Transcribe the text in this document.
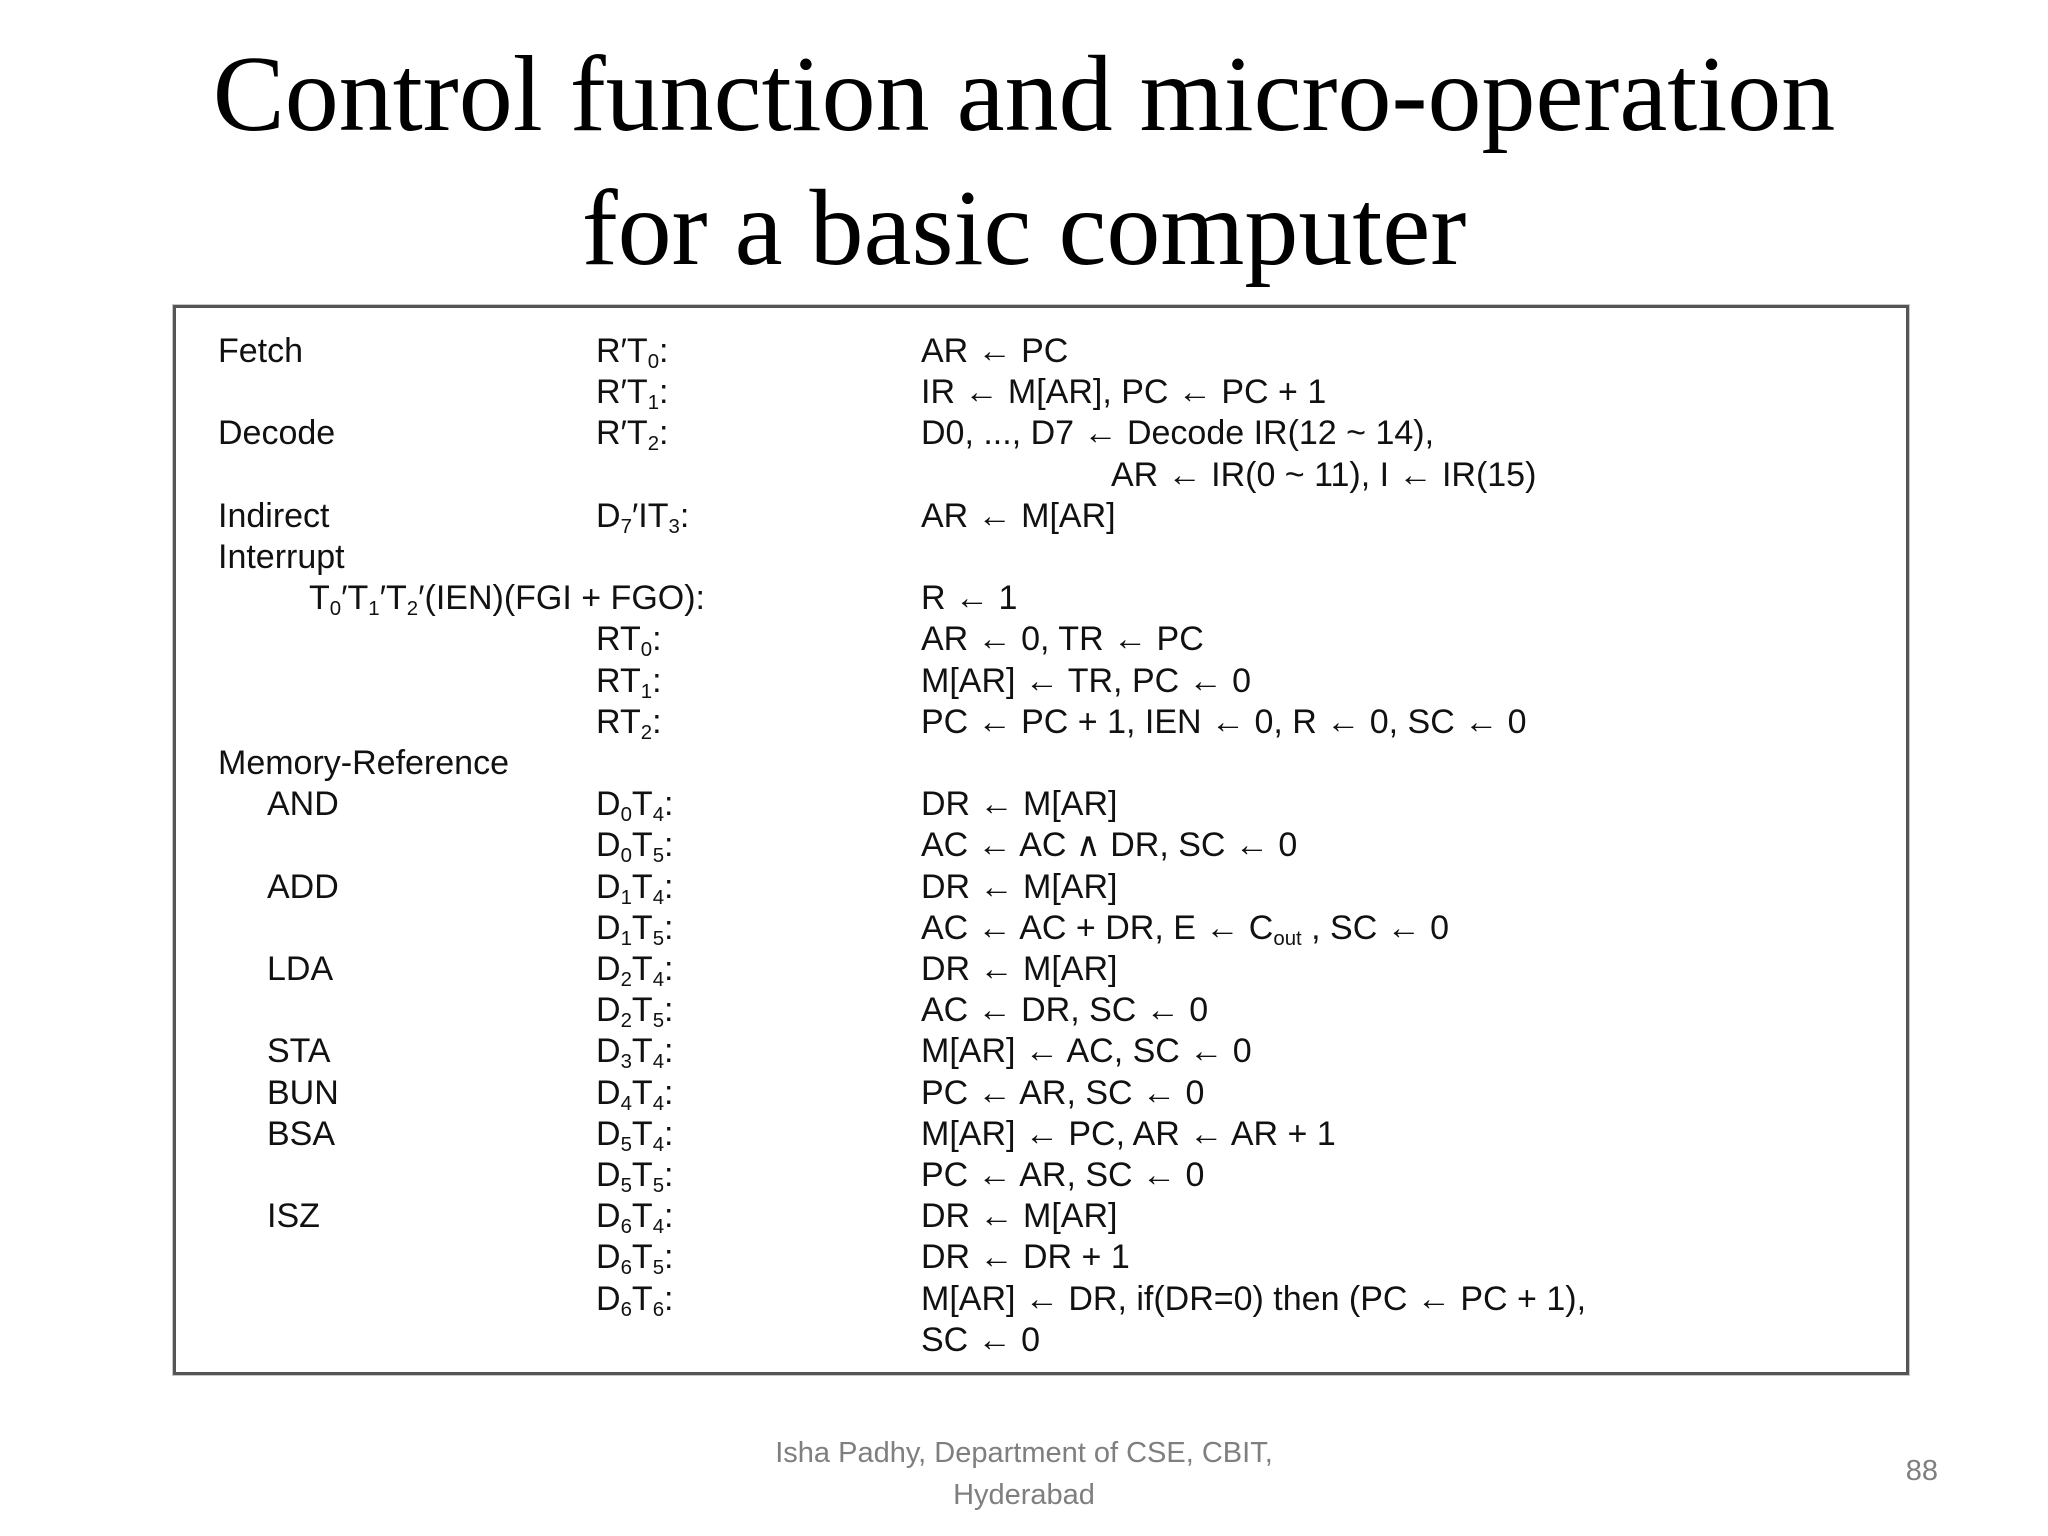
Control function and micro-operation
for a basic computer
Fetch	$R'T_0$:	AR ← PC
$R'T_1$:	IR ← M[AR], PC ← PC + 1
Decode	$R'T_2$:	D0, ..., D7 ← Decode IR(12 ~ 14),
AR ← IR(0 ~ 11), I ← IR(15)
Indirect	$D_7'IT_3$:	AR ← M[AR]
Interrupt
$T_0'T_1'T_2'(IEN)(FGI + FGO)$:	R ← 1
$RT_0$:	AR ← 0, TR ← PC
$RT_1$:	M[AR] ← TR, PC ← 0
$RT_2$:	PC ← PC + 1, IEN ← 0, R ← 0, SC ← 0
Memory-Reference
AND	$D_0T_4$:	DR ← M[AR]
$D_0T_5$:	AC ← AC ∧ DR, SC ← 0
ADD	$D_1T_4$:	DR ← M[AR]
$D_1T_5$:	AC ← AC + DR, E ← $C_{out}$ , SC ← 0
LDA	$D_2T_4$:	DR ← M[AR]
$D_2T_5$:	AC ← DR, SC ← 0
STA	$D_3T_4$:	M[AR] ← AC, SC ← 0
BUN	$D_4T_4$:	PC ← AR, SC ← 0
BSA	$D_5T_4$:	M[AR] ← PC, AR ← AR + 1
$D_5T_5$:	PC ← AR, SC ← 0
ISZ	$D_6T_4$:	DR ← M[AR]
$D_6T_5$:	DR ← DR + 1
$D_6T_6$:	M[AR] ← DR, if(DR=0) then (PC ← PC + 1),
SC ← 0
Isha Padhy, Department of CSE, CBIT,
Hyderabad
88
